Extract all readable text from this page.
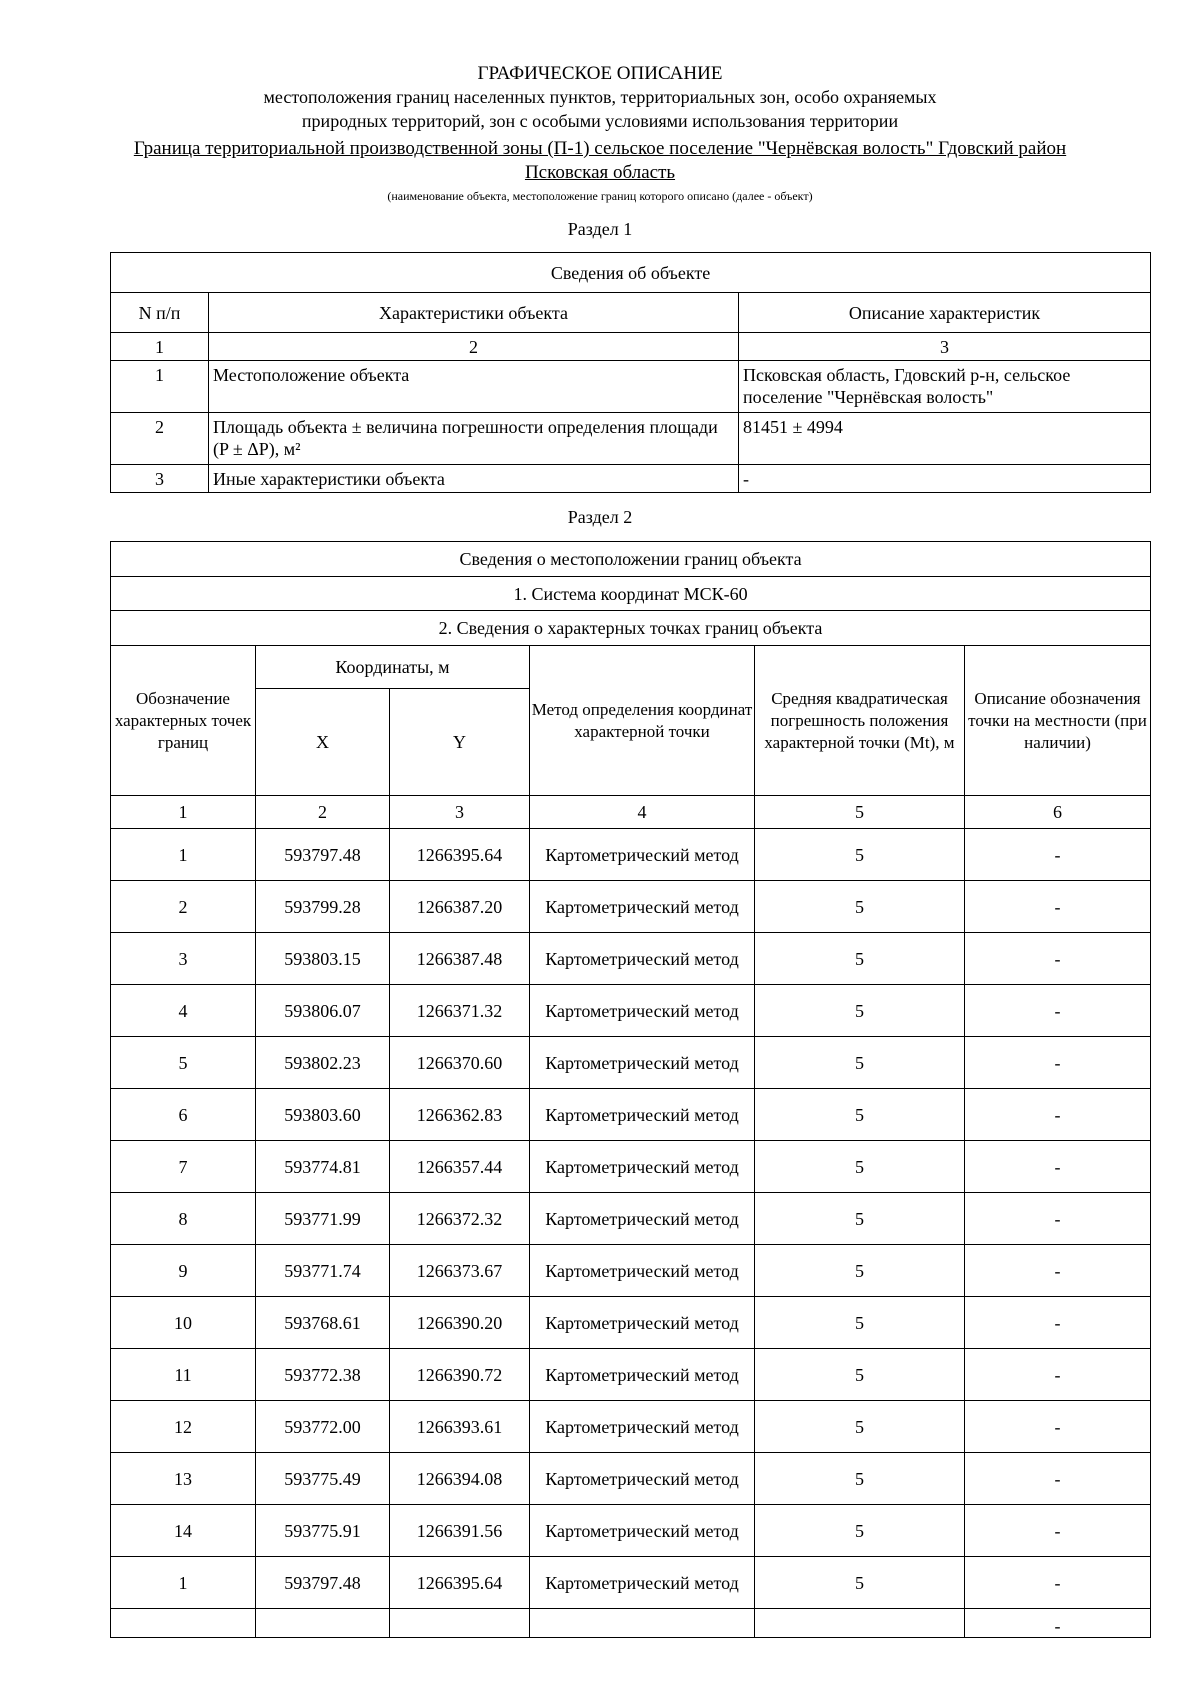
ГРАФИЧЕСКОЕ ОПИСАНИЕ
местоположения границ населенных пунктов, территориальных зон, особо охраняемых
природных территорий, зон с особыми условиями использования территории
Граница территориальной производственной зоны (П-1) сельское поселение "Чернёвская волость" Гдовский район
Псковская область
(наименование объекта, местоположение границ которого описано (далее - объект)
Раздел 1
Сведения об объекте		
N п/п	Характеристики объекта	Описание характеристик
1	2	3
1	Местоположение объекта	Псковская область, Гдовский р-н, сельское поселение "Чернёвская волость"
2	Площадь объекта ± величина погрешности определения площади (P ± ΔP), м²	81451 ± 4994
3	Иные характеристики объекта	-
Раздел 2
Сведения о местоположении границ объекта					
1. Система координат МСК-60					
2. Сведения о характерных точках границ объекта					
Обозначение характерных точек границ	Координаты, м		Метод определения координат характерной точки	Средняя квадратическая погрешность положения характерной точки (Mt), м	Описание обозначения точки на местности (при наличии)
	X	Y			
1	2	3	4	5	6
1	593797.48	1266395.64	Картометрический метод	5	-
2	593799.28	1266387.20	Картометрический метод	5	-
3	593803.15	1266387.48	Картометрический метод	5	-
4	593806.07	1266371.32	Картометрический метод	5	-
5	593802.23	1266370.60	Картометрический метод	5	-
6	593803.60	1266362.83	Картометрический метод	5	-
7	593774.81	1266357.44	Картометрический метод	5	-
8	593771.99	1266372.32	Картометрический метод	5	-
9	593771.74	1266373.67	Картометрический метод	5	-
10	593768.61	1266390.20	Картометрический метод	5	-
11	593772.38	1266390.72	Картометрический метод	5	-
12	593772.00	1266393.61	Картометрический метод	5	-
13	593775.49	1266394.08	Картометрический метод	5	-
14	593775.91	1266391.56	Картометрический метод	5	-
1	593797.48	1266395.64	Картометрический метод	5	-
					-
